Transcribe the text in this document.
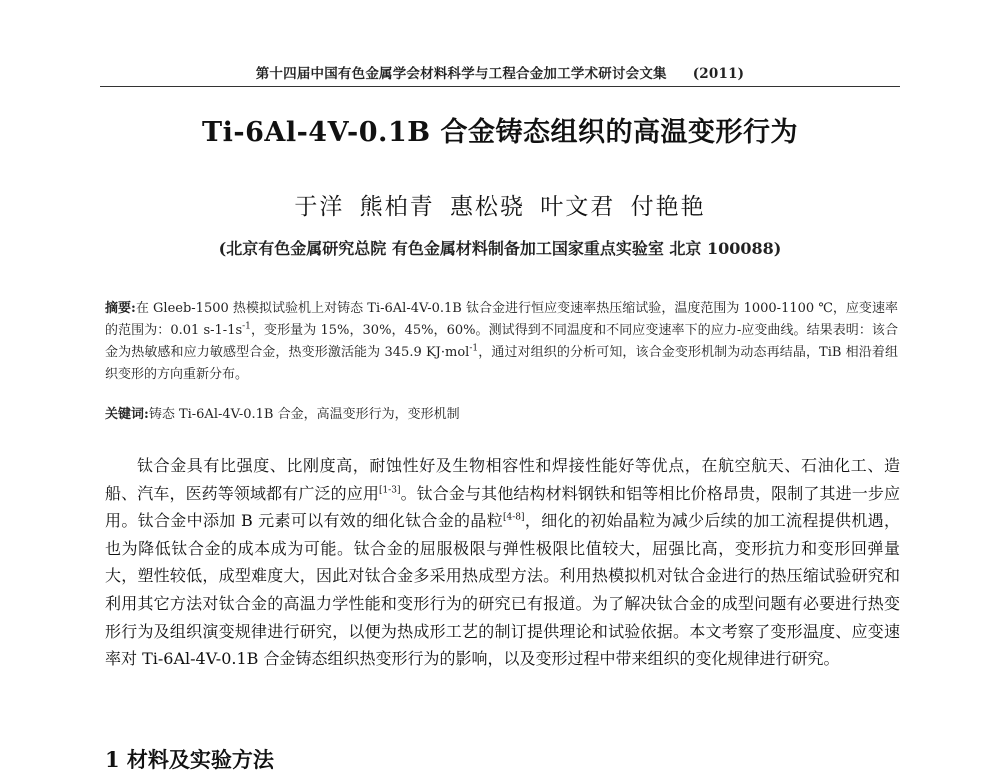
第十四届中国有色金属学会材料科学与工程合金加工学术研讨会文集 (2011)
Ti-6Al-4V-0.1B 合金铸态组织的高温变形行为
于洋 熊柏青 惠松骁 叶文君 付艳艳
(北京有色金属研究总院 有色金属材料制备加工国家重点实验室 北京 100088)
摘要:在 Gleeb-1500 热模拟试验机上对铸态 Ti-6Al-4V-0.1B 钛合金进行恒应变速率热压缩试验，温度范围为 1000-1100 ℃，应变速率的范围为：0.01 $s-1-1s^{-1}$，变形量为 15%，30%，45%，60%。测试得到不同温度和不同应变速率下的应力-应变曲线。结果表明：该合金为热敏感和应力敏感型合金，热变形激活能为 345.9 KJ·mol$^{-1}$，通过对组织的分析可知，该合金变形机制为动态再结晶，TiB 相沿着组织变形的方向重新分布。
关键词:铸态 Ti-6Al-4V-0.1B 合金，高温变形行为，变形机制
钛合金具有比强度、比刚度高，耐蚀性好及生物相容性和焊接性能好等优点，在航空航天、石油化工、造船、汽车，医药等领域都有广泛的应用[1-3]。钛合金与其他结构材料钢铁和铝等相比价格昂贵，限制了其进一步应用。钛合金中添加 B 元素可以有效的细化钛合金的晶粒[4-8]，细化的初始晶粒为减少后续的加工流程提供机遇，也为降低钛合金的成本成为可能。钛合金的屈服极限与弹性极限比值较大，屈强比高，变形抗力和变形回弹量大，塑性较低，成型难度大，因此对钛合金多采用热成型方法。利用热模拟机对钛合金进行的热压缩试验研究和利用其它方法对钛合金的高温力学性能和变形行为的研究已有报道。为了解决钛合金的成型问题有必要进行热变形行为及组织演变规律进行研究，以便为热成形工艺的制订提供理论和试验依据。本文考察了变形温度、应变速率对 Ti-6Al-4V-0.1B 合金铸态组织热变形行为的影响，以及变形过程中带来组织的变化规律进行研究。
1 材料及实验方法
